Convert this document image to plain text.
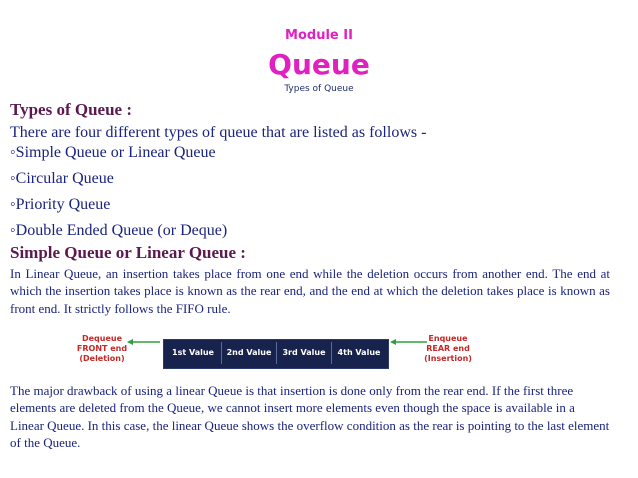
Module II
Queue
Types of Queue
Types of Queue :
There are four different types of queue that are listed as follows -
◦Simple Queue or Linear Queue
◦Circular Queue
◦Priority Queue
◦Double Ended Queue (or Deque)
Simple Queue or Linear Queue :
In Linear Queue, an insertion takes place from one end while the deletion occurs from another end. The end at which the insertion takes place is known as the rear end, and the end at which the deletion takes place is known as front end. It strictly follows the FIFO rule.
Dequeue
FRONT end
(Deletion)
1st Value	2nd Value	3rd Value	4th Value
Enqueue
REAR end
(Insertion)
The major drawback of using a linear Queue is that insertion is done only from the rear end. If the first three elements are deleted from the Queue, we cannot insert more elements even though the space is available in a Linear Queue. In this case, the linear Queue shows the overflow condition as the rear is pointing to the last element of the Queue.
